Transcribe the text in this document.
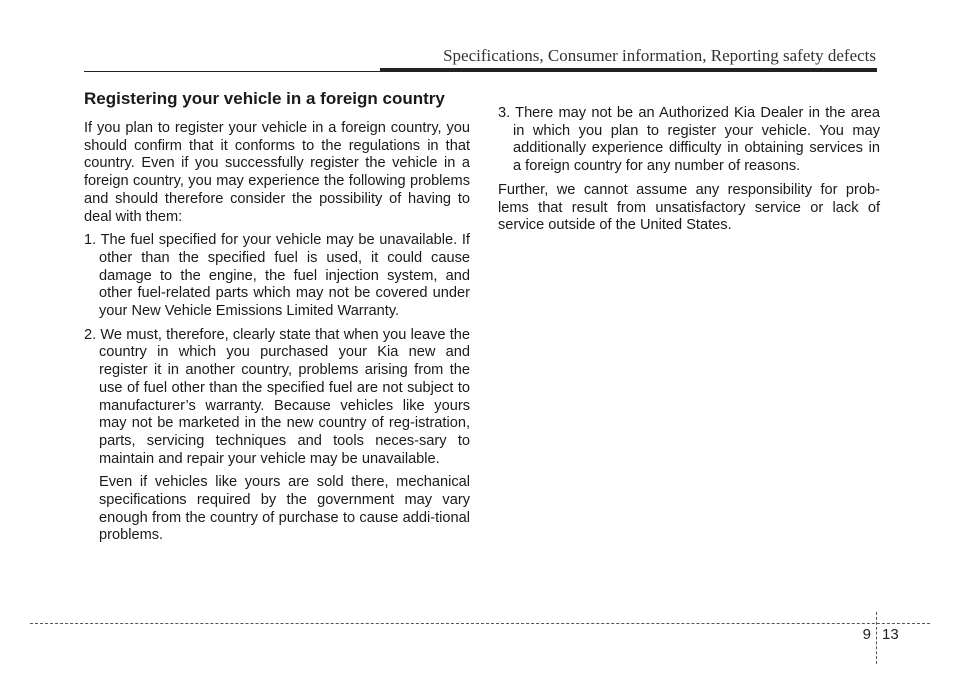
Specifications, Consumer information, Reporting safety defects
Registering your vehicle in a foreign country

If you plan to register your vehicle in a foreign country, you should confirm that it conforms to the regulations in that country. Even if you successfully register the vehicle in a foreign country, you may experience the following problems and should therefore consider the possibility of having to deal with them:

1. The fuel specified for your vehicle may be unavailable. If other than the specified fuel is used, it could cause damage to the engine, the fuel injection system, and other fuel-related parts which may not be covered under your New Vehicle Emissions Limited Warranty.

2. We must, therefore, clearly state that when you leave the country in which you purchased your Kia new and register it in another country, problems arising from the use of fuel other than the specified fuel are not subject to manufacturer’s warranty. Because vehicles like yours may not be marketed in the new country of reg-istration, parts, servicing techniques and tools neces-sary to maintain and repair your vehicle may be unavailable.

Even if vehicles like yours are sold there, mechanical specifications required by the government may vary enough from the country of purchase to cause addi-tional problems.

3. There may not be an Authorized Kia Dealer in the area in which you plan to register your vehicle. You may additionally experience difficulty in obtaining services in a foreign country for any number of reasons.

Further, we cannot assume any responsibility for prob-lems that result from unsatisfactory service or lack of service outside of the United States.

9 13
